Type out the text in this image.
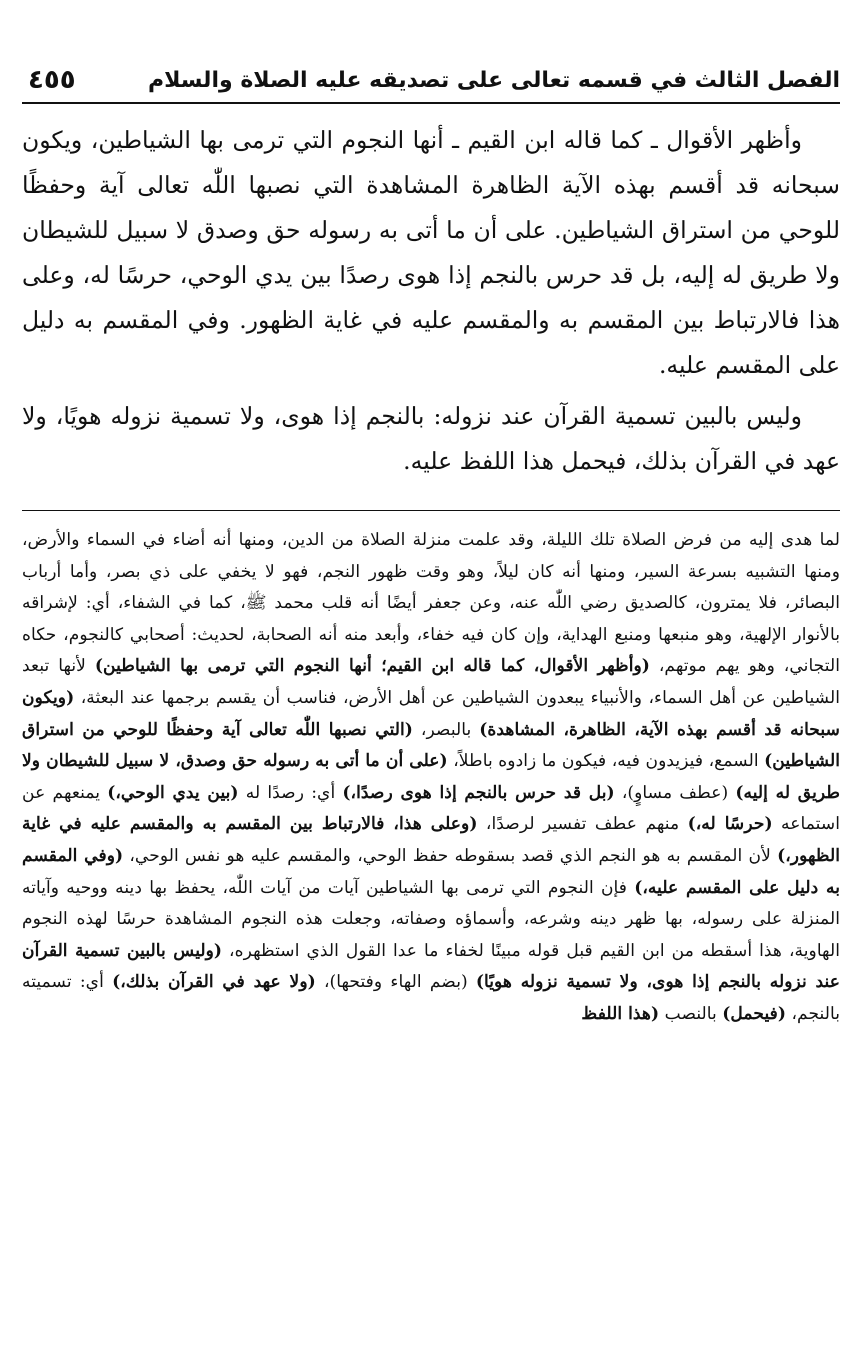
الفصل الثالث في قسمه تعالى على تصديقه عليه الصلاة والسلام
٤٥٥

وأظهر الأقوال ـ كما قاله ابن القيم ـ أنها النجوم التي ترمى بها الشياطين، ويكون سبحانه قد أقسم بهذه الآية الظاهرة المشاهدة التي نصبها اللّٰه تعالى آية وحفظًا للوحي من استراق الشياطين. على أن ما أتى به رسوله حق وصدق لا سبيل للشيطان ولا طريق له إليه، بل قد حرس بالنجم إذا هوى رصدًا بين يدي الوحي، حرسًا له، وعلى هذا فالارتباط بين المقسم به والمقسم عليه في غاية الظهور. وفي المقسم به دليل على المقسم عليه.

وليس بالبين تسمية القرآن عند نزوله: بالنجم إذا هوى، ولا تسمية نزوله هويًا، ولا عهد في القرآن بذلك، فيحمل هذا اللفظ عليه.

لما هدى إليه من فرض الصلاة تلك الليلة، وقد علمت منزلة الصلاة من الدين، ومنها أنه أضاء في السماء والأرض، ومنها التشبيه بسرعة السير، ومنها أنه كان ليلاً، وهو وقت ظهور النجم، فهو لا يخفي على ذي بصر، وأما أرباب البصائر، فلا يمترون، كالصديق رضي اللّٰه عنه، وعن جعفر أيضًا أنه قلب محمد ﷺ، كما في الشفاء، أي: لإشراقه بالأنوار الإلهية، وهو منبعها ومنبع الهداية، وإن كان فيه خفاء، وأبعد منه أنه الصحابة، لحديث: أصحابي كالنجوم، حكاه التجاني، وهو يهم موتهم، (وأظهر الأقوال، كما قاله ابن القيم؛ أنها النجوم التي ترمى بها الشياطين) لأنها تبعد الشياطين عن أهل السماء، والأنبياء يبعدون الشياطين عن أهل الأرض، فناسب أن يقسم برجمها عند البعثة، (ويكون سبحانه قد أقسم بهذه الآية، الظاهرة، المشاهدة) بالبصر، (التي نصبها اللّٰه تعالى آية وحفظًا للوحي من استراق الشياطين) السمع، فيزيدون فيه، فيكون ما زادوه باطلاً، (على أن ما أتى به رسوله حق وصدق، لا سبيل للشيطان ولا طريق له إليه) (عطف مساوٍ)، (بل قد حرس بالنجم إذا هوى رصدًا،) أي: رصدًا له (بين يدي الوحي،) يمنعهم عن استماعه (حرسًا له،) منهم عطف تفسير لرصدًا، (وعلى هذا، فالارتباط بين المقسم به والمقسم عليه في غاية الظهور،) لأن المقسم به هو النجم الذي قصد بسقوطه حفظ الوحي، والمقسم عليه هو نفس الوحي، (وفي المقسم به دليل على المقسم عليه،) فإن النجوم التي ترمى بها الشياطين آيات من آيات اللّٰه، يحفظ بها دينه ووحيه وآياته المنزلة على رسوله، بها ظهر دينه وشرعه، وأسماؤه وصفاته، وجعلت هذه النجوم المشاهدة حرسًا لهذه النجوم الهاوية، هذا أسقطه من ابن القيم قبل قوله مبينًا لخفاء ما عدا القول الذي استظهره، (وليس بالبين تسمية القرآن عند نزوله بالنجم إذا هوى، ولا تسمية نزوله هويًا) (بضم الهاء وفتحها)، (ولا عهد في القرآن بذلك،) أي: تسميته بالنجم، (فيحمل) بالنصب (هذا اللفظ
